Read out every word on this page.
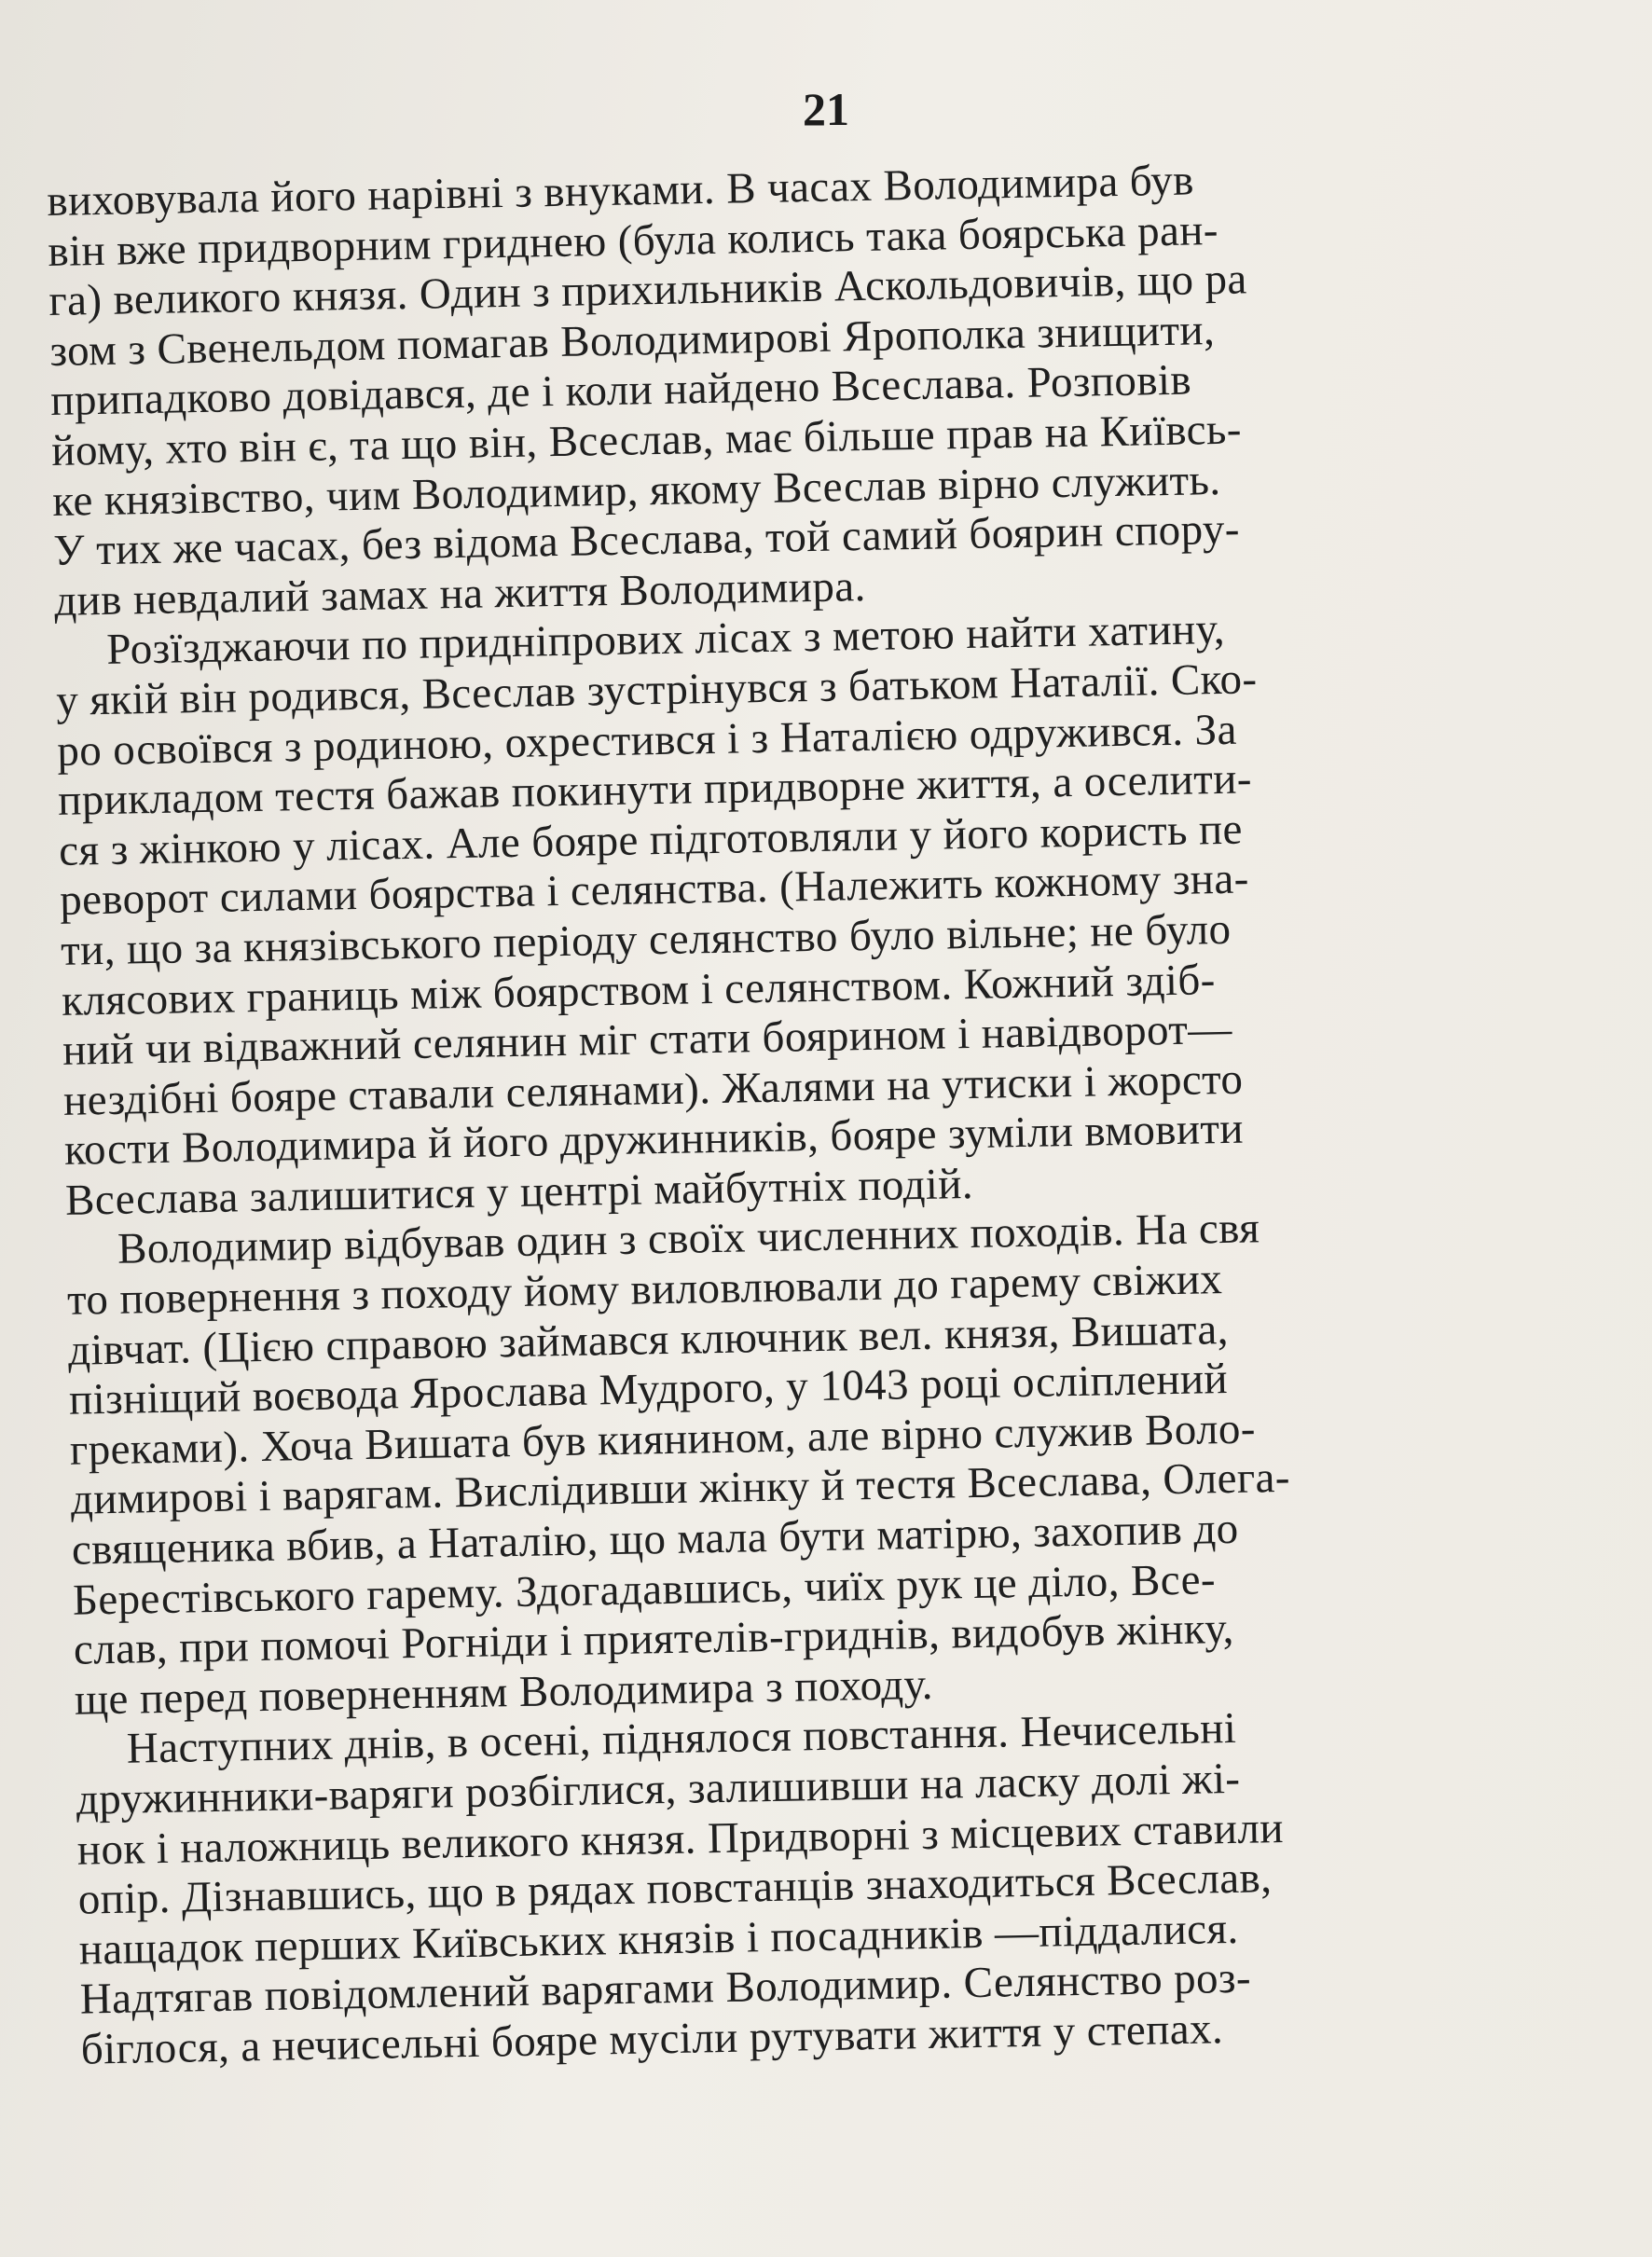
21
виховувала його нарівні з внуками. В часах Володимира був
він вже придворним гриднею (була колись така боярська ран-
га) великого князя. Один з прихильників Аскольдовичів, що ра
зом з Свенельдом помагав Володимирові Ярополка знищити,
припадково довідався, де і коли найдено Всеслава. Розповів
йому, хто він є, та що він, Всеслав, має більше прав на Київсь-
ке князівство, чим Володимир, якому Всеслав вірно служить.
У тих же часах, без відома Всеслава, той самий боярин спору-
див невдалий замах на життя Володимира.
Розїзджаючи по придніпрових лісах з метою найти хатину,
у якій він родився, Всеслав зустрінувся з батьком Наталії. Ско-
ро освоївся з родиною, охрестився і з Наталією одружився. За
прикладом тестя бажав покинути придворне життя, а оселити-
ся з жінкою у лісах. Але бояре підготовляли у його користь пе
реворот силами боярства і селянства. (Належить кожному зна-
ти, що за князівського періоду селянство було вільне; не було
клясових границь між боярством і селянством. Кожний здіб-
ний чи відважний селянин міг стати боярином і навідворот—
нездібні бояре ставали селянами). Жалями на утиски і жорсто
кости Володимира й його дружинників, бояре зуміли вмовити
Всеслава залишитися у центрі майбутніх подій.
Володимир відбував один з своїх численних походів. На свя
то повернення з походу йому виловлювали до гарему свіжих
дівчат. (Цією справою займався ключник вел. князя, Вишата,
пізніщий воєвода Ярослава Мудрого, у 1043 році осліплений
греками). Хоча Вишата був киянином, але вірно служив Воло-
димирові і варягам. Вислідивши жінку й тестя Всеслава, Олега-
священика вбив, а Наталію, що мала бути матірю, захопив до
Берестівського гарему. Здогадавшись, чиїх рук це діло, Все-
слав, при помочі Рогніди і приятелів-гриднів, видобув жінку,
ще перед поверненням Володимира з походу.
Наступних днів, в осені, піднялося повстання. Нечисельні
дружинники-варяги розбіглися, залишивши на ласку долі жі-
нок і наложниць великого князя. Придворні з місцевих ставили
опір. Дізнавшись, що в рядах повстанців знаходиться Всеслав,
нащадок перших Київських князів і посадників —піддалися.
Надтягав повідомлений варягами Володимир. Селянство роз-
біглося, а нечисельні бояре мусіли рутувати життя у степах.
